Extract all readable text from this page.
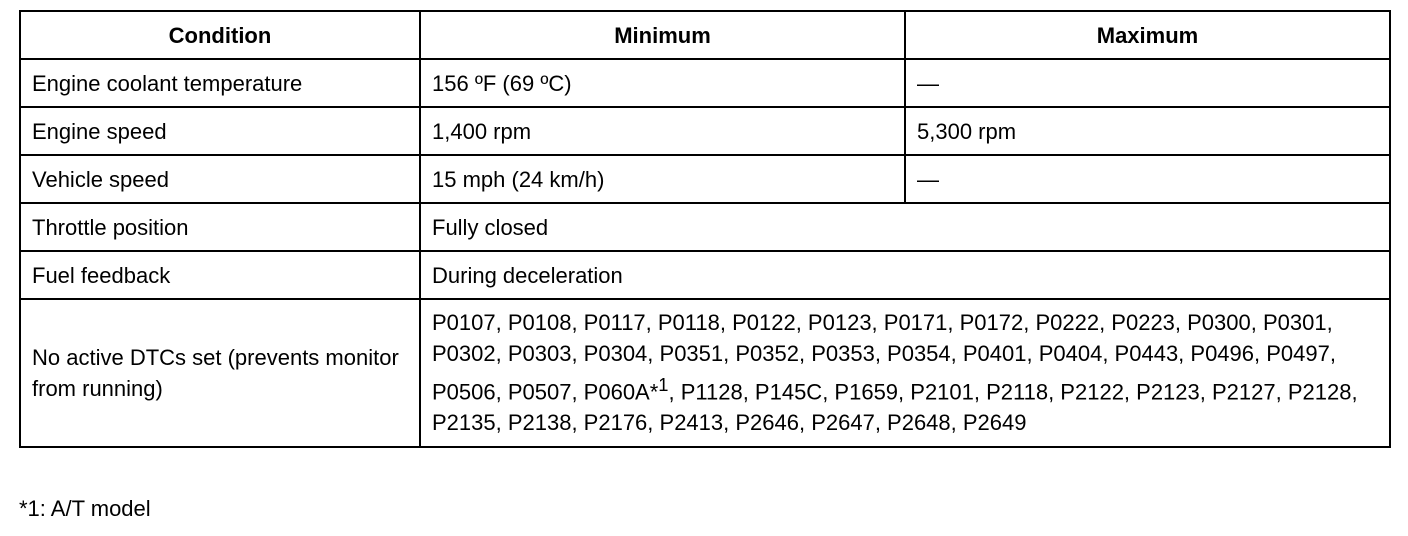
Condition	Minimum	Maximum
Engine coolant temperature	156 ºF (69 ºC)	—
Engine speed	1,400 rpm	5,300 rpm
Vehicle speed	15 mph (24 km/h)	—
Throttle position	Fully closed	
Fuel feedback	During deceleration	
No active DTCs set (prevents monitor from running)	P0107, P0108, P0117, P0118, P0122, P0123, P0171, P0172, P0222, P0223, P0300, P0301, P0302, P0303, P0304, P0351, P0352, P0353, P0354, P0401, P0404, P0443, P0496, P0497, P0506, P0507, P060A*$^1$, P1128, P145C, P1659, P2101, P2118, P2122, P2123, P2127, P2128, P2135, P2138, P2176, P2413, P2646, P2647, P2648, P2649	
*1: A/T model
